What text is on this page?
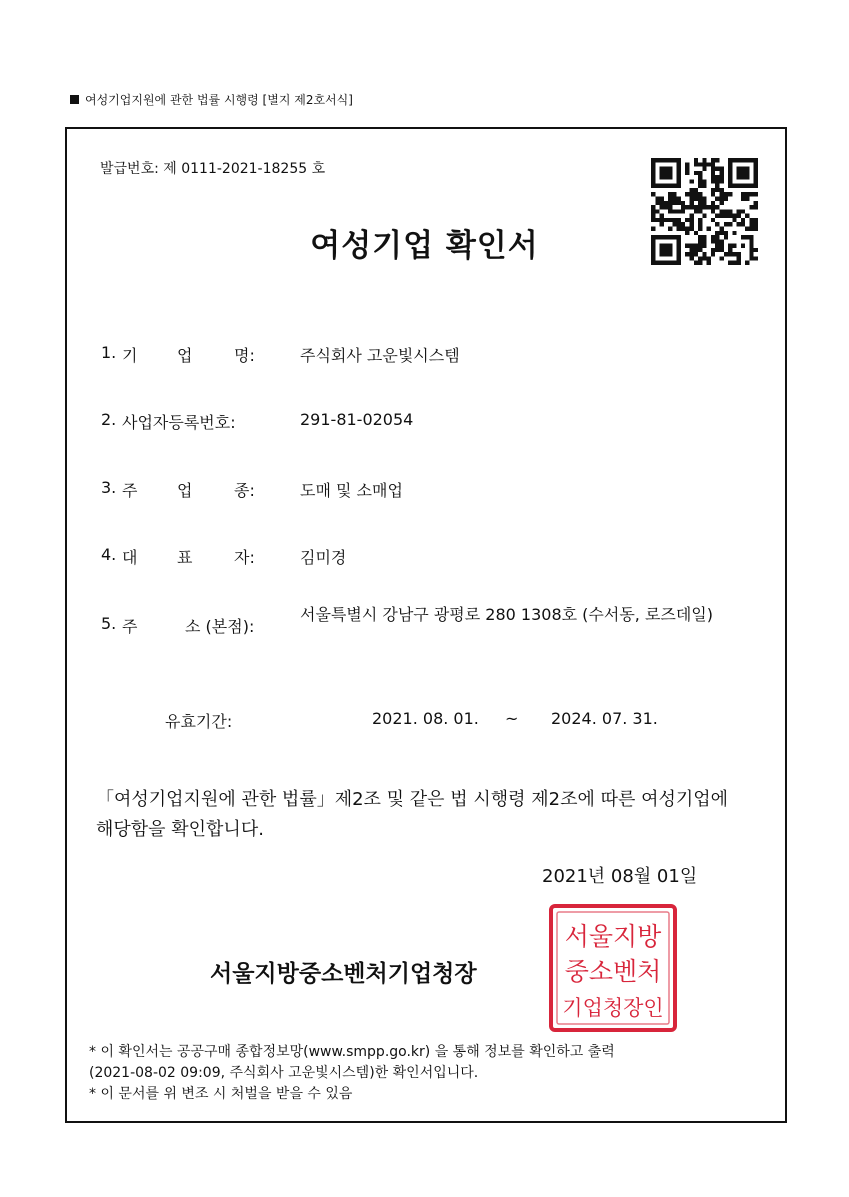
여성기업지원에 관한 법률 시행령 [별지 제2호서식]
발급번호: 제 0111-2021-18255 호
여성기업 확인서
1. 기 업	명:	주식회사 고운빛시스템
2. 사업자등록번호:	291-81-02054
3. 주 업	종:	도매 및 소매업
4. 대 표	자:	김미경
5. 주	소 (본점):
서울특별시 강남구 광평로 280 1308호 (수서동, 로즈데일)
유효기간:	2021. 08. 01. ~ 2024. 07. 31.
「여성기업지원에 관한 법률」제2조 및 같은 법 시행령 제2조에 따른 여성기업에 해당함을 확인합니다.
2021년 08월 01일
서울지방중소벤처기업청장
서울지방
중소벤처
기업청장인
* 이 확인서는 공공구매 종합정보망(www.smpp.go.kr) 을 통해 정보를 확인하고 출력
(2021-08-02 09:09, 주식회사 고운빛시스템)한 확인서입니다.
* 이 문서를 위 변조 시 처벌을 받을 수 있음
